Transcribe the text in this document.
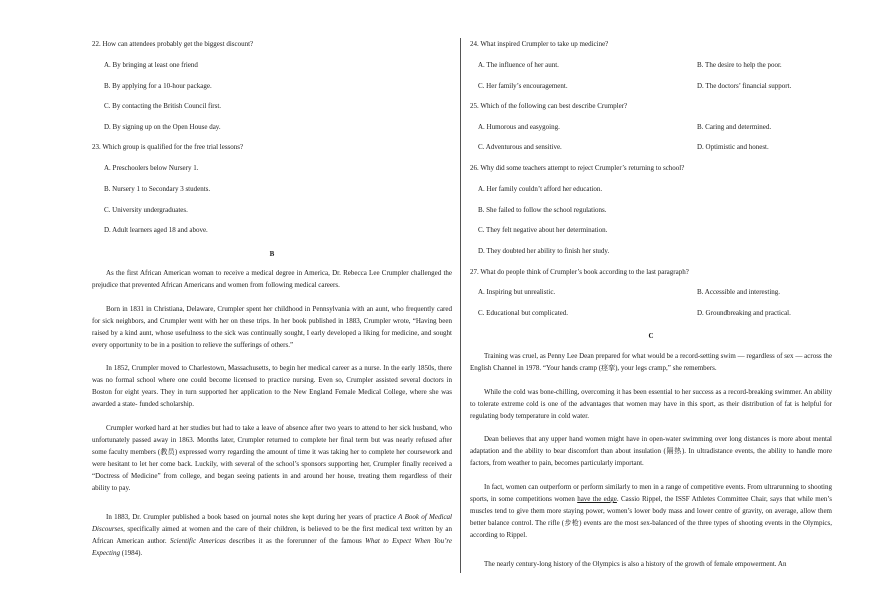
22. How can attendees probably get the biggest discount?

A. By bringing at least one friend
B. By applying for a 10-hour package.
C. By contacting the British Council first.
D. By signing up on the Open House day.

23. Which group is qualified for the free trial lessons?

A. Preschoolers below Nursery 1.
B. Nursery 1 to Secondary 3 students.
C. University undergraduates.
D. Adult learners aged 18 and above.
B

As the first African American woman to receive a medical degree in America, Dr. Rebecca Lee Crumpler challenged the prejudice that prevented African Americans and women from following medical careers.

Born in 1831 in Christiana, Delaware, Crumpler spent her childhood in Pennsylvania with an aunt, who frequently cared for sick neighbors, and Crumpler went with her on these trips. In her book published in 1883, Crumpler wrote, “Having been raised by a kind aunt, whose usefulness to the sick was continually sought, I early developed a liking for medicine, and sought every opportunity to be in a position to relieve the sufferings of others.”

In 1852, Crumpler moved to Charlestown, Massachusetts, to begin her medical career as a nurse. In the early 1850s, there was no formal school where one could become licensed to practice nursing. Even so, Crumpler assisted several doctors in Boston for eight years. They in turn supported her application to the New England Female Medical College, where she was awarded a state- funded scholarship.

Crumpler worked hard at her studies but had to take a leave of absence after two years to attend to her sick husband, who unfortunately passed away in 1863. Months later, Crumpler returned to complete her final term but was nearly refused after some faculty members (教员) expressed worry regarding the amount of time it was taking her to complete her coursework and were hesitant to let her come back. Luckily, with several of the school’s sponsors supporting her, Crumpler finally received a “Doctress of Medicine” from college, and began seeing patients in and around her house, treating them regardless of their ability to pay.

In 1883, Dr. Crumpler published a book based on journal notes she kept during her years of practice A Book of Medical Discourses, specifically aimed at women and the care of their children, is believed to be the first medical text written by an African American author. Scientific Americas describes it as the forerunner of the famous What to Expect When You’re Expecting (1984).

24. What inspired Crumpler to take up medicine?

A. The influence of her aunt.	B. The desire to help the poor.
C. Her family’s encouragement.	D. The doctors’ financial support.

25. Which of the following can best describe Crumpler?

A. Humorous and easygoing.	B. Caring and determined.
C. Adventurous and sensitive.	D. Optimistic and honest.

26. Why did some teachers attempt to reject Crumpler’s returning to school?

A. Her family couldn’t afford her education.
B. She failed to follow the school regulations.
C. They felt negative about her determination.
D. They doubted her ability to finish her study.

27. What do people think of Crumpler’s book according to the last paragraph?

A. Inspiring but unrealistic.	B. Accessible and interesting.
C. Educational but complicated.	D. Groundbreaking and practical.
C

Training was cruel, as Penny Lee Dean prepared for what would be a record-setting swim — regardless of sex — across the English Channel in 1978. “Your hands cramp (痉挛), your legs cramp,” she remembers.

While the cold was bone-chilling, overcoming it has been essential to her success as a record-breaking swimmer. An ability to tolerate extreme cold is one of the advantages that women may have in this sport, as their distribution of fat is helpful for regulating body temperature in cold water.

Dean believes that any upper hand women might have in open-water swimming over long distances is more about mental adaptation and the ability to bear discomfort than about insulation (隔热). In ultradistance events, the ability to handle more factors, from weather to pain, becomes particularly important.

In fact, women can outperform or perform similarly to men in a range of competitive events. From ultrarunning to shooting sports, in some competitions women have the edge. Cassio Rippel, the ISSF Athletes Committee Chair, says that while men’s muscles tend to give them more staying power, women’s lower body mass and lower centre of gravity, on average, allow them better balance control. The rifle (步枪) events are the most sex-balanced of the three types of shooting events in the Olympics, according to Rippel.

The nearly century-long history of the Olympics is also a history of the growth of female empowerment. An
